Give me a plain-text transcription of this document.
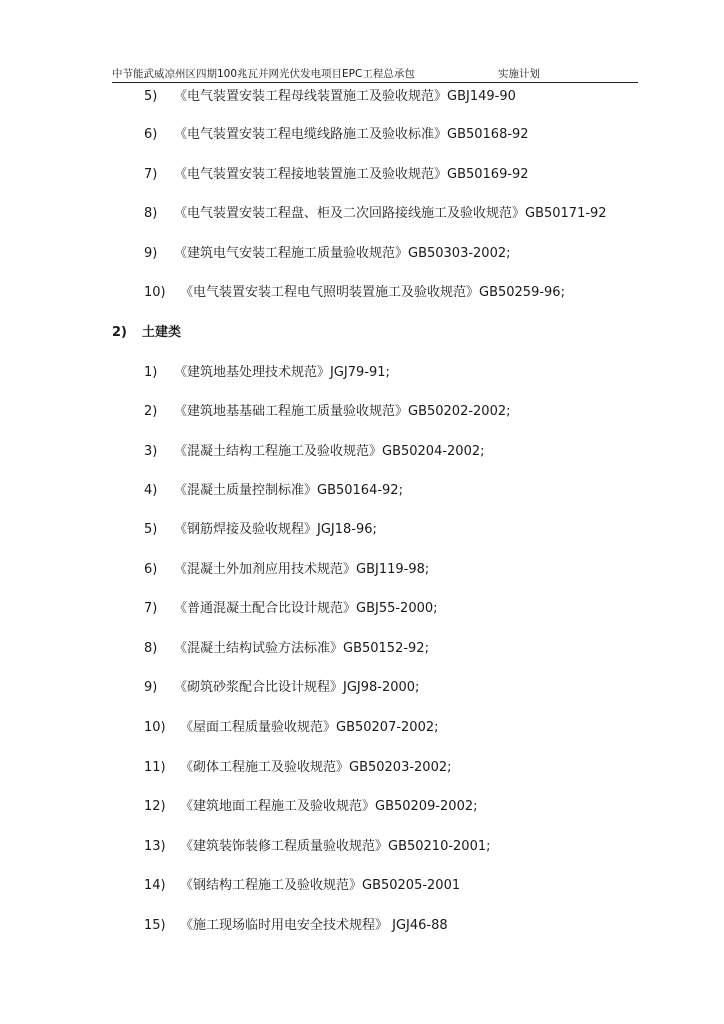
中节能武威凉州区四期100兆瓦并网光伏发电项目EPC工程总承包	实施计划
5) 《电气装置安装工程母线装置施工及验收规范》GBJ149-90
6) 《电气装置安装工程电缆线路施工及验收标准》GB50168-92
7) 《电气装置安装工程接地装置施工及验收规范》GB50169-92
8) 《电气装置安装工程盘、柜及二次回路接线施工及验收规范》GB50171-92
9) 《建筑电气安装工程施工质量验收规范》GB50303-2002;
10) 《电气装置安装工程电气照明装置施工及验收规范》GB50259-96;
2) 土建类
1) 《建筑地基处理技术规范》JGJ79-91;
2) 《建筑地基基础工程施工质量验收规范》GB50202-2002;
3) 《混凝土结构工程施工及验收规范》GB50204-2002;
4) 《混凝土质量控制标准》GB50164-92;
5) 《钢筋焊接及验收规程》JGJ18-96;
6) 《混凝土外加剂应用技术规范》GBJ119-98;
7) 《普通混凝土配合比设计规范》GBJ55-2000;
8) 《混凝土结构试验方法标准》GB50152-92;
9) 《砌筑砂浆配合比设计规程》JGJ98-2000;
10) 《屋面工程质量验收规范》GB50207-2002;
11) 《砌体工程施工及验收规范》GB50203-2002;
12) 《建筑地面工程施工及验收规范》GB50209-2002;
13) 《建筑装饰装修工程质量验收规范》GB50210-2001;
14) 《钢结构工程施工及验收规范》GB50205-2001
15) 《施工现场临时用电安全技术规程》 JGJ46-88
